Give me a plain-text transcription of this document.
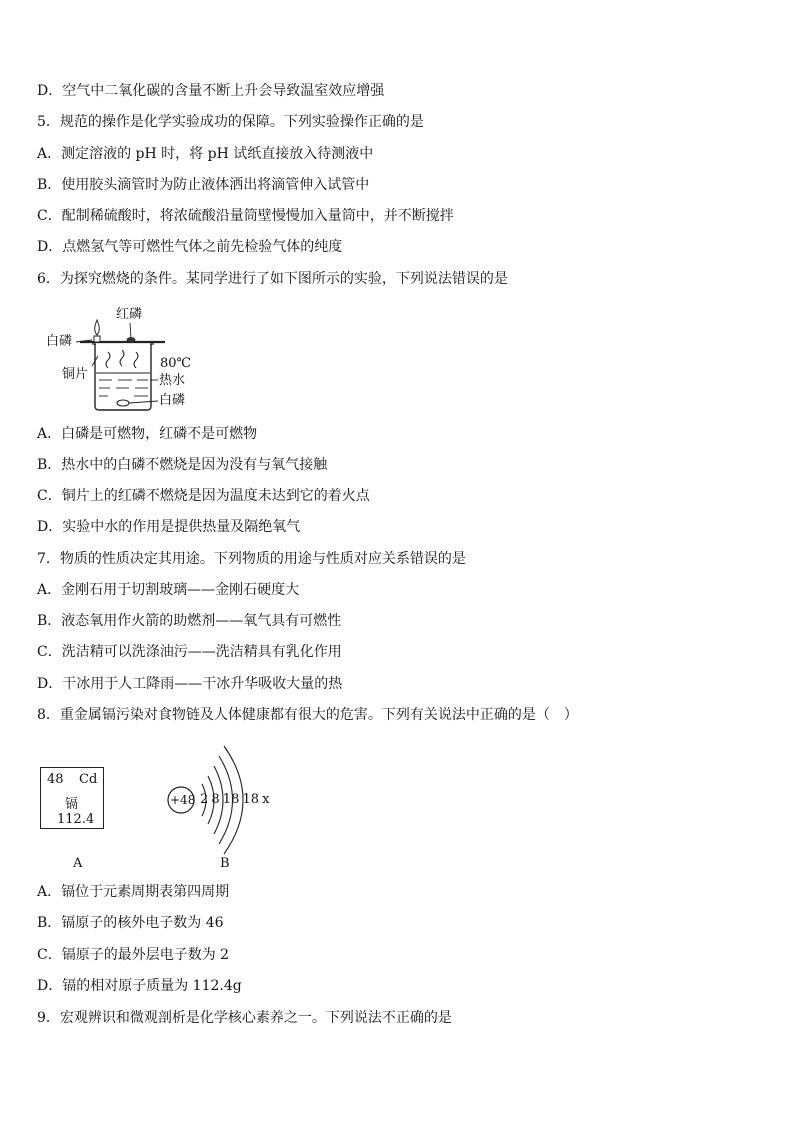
D．空气中二氧化碳的含量不断上升会导致温室效应增强
5．规范的操作是化学实验成功的保障。下列实验操作正确的是
A．测定溶液的 pH 时，将 pH 试纸直接放入待测液中
B．使用胶头滴管时为防止液体洒出将滴管伸入试管中
C．配制稀硫酸时，将浓硫酸沿量筒壁慢慢加入量筒中，并不断搅拌
D．点燃氢气等可燃性气体之前先检验气体的纯度
6．为探究燃烧的条件。某同学进行了如下图所示的实验，下列说法错误的是
红磷
白磷
铜片
80℃
热水
白磷
A．白磷是可燃物，红磷不是可燃物
B．热水中的白磷不燃烧是因为没有与氧气接触
C．铜片上的红磷不燃烧是因为温度未达到它的着火点
D．实验中水的作用是提供热量及隔绝氧气
7．物质的性质决定其用途。下列物质的用途与性质对应关系错误的是
A．金刚石用于切割玻璃——金刚石硬度大
B．液态氧用作火箭的助燃剂——氧气具有可燃性
C．洗洁精可以洗涤油污——洗洁精具有乳化作用
D．干冰用于人工降雨——干冰升华吸收大量的热
8．重金属镉污染对食物链及人体健康都有很大的危害。下列有关说法中正确的是（　）
48 Cd
镉
112.4
+48 2 8 18 18 x
A	B
A．镉位于元素周期表第四周期
B．镉原子的核外电子数为 46
C．镉原子的最外层电子数为 2
D．镉的相对原子质量为 112.4g
9．宏观辨识和微观剖析是化学核心素养之一。下列说法不正确的是
